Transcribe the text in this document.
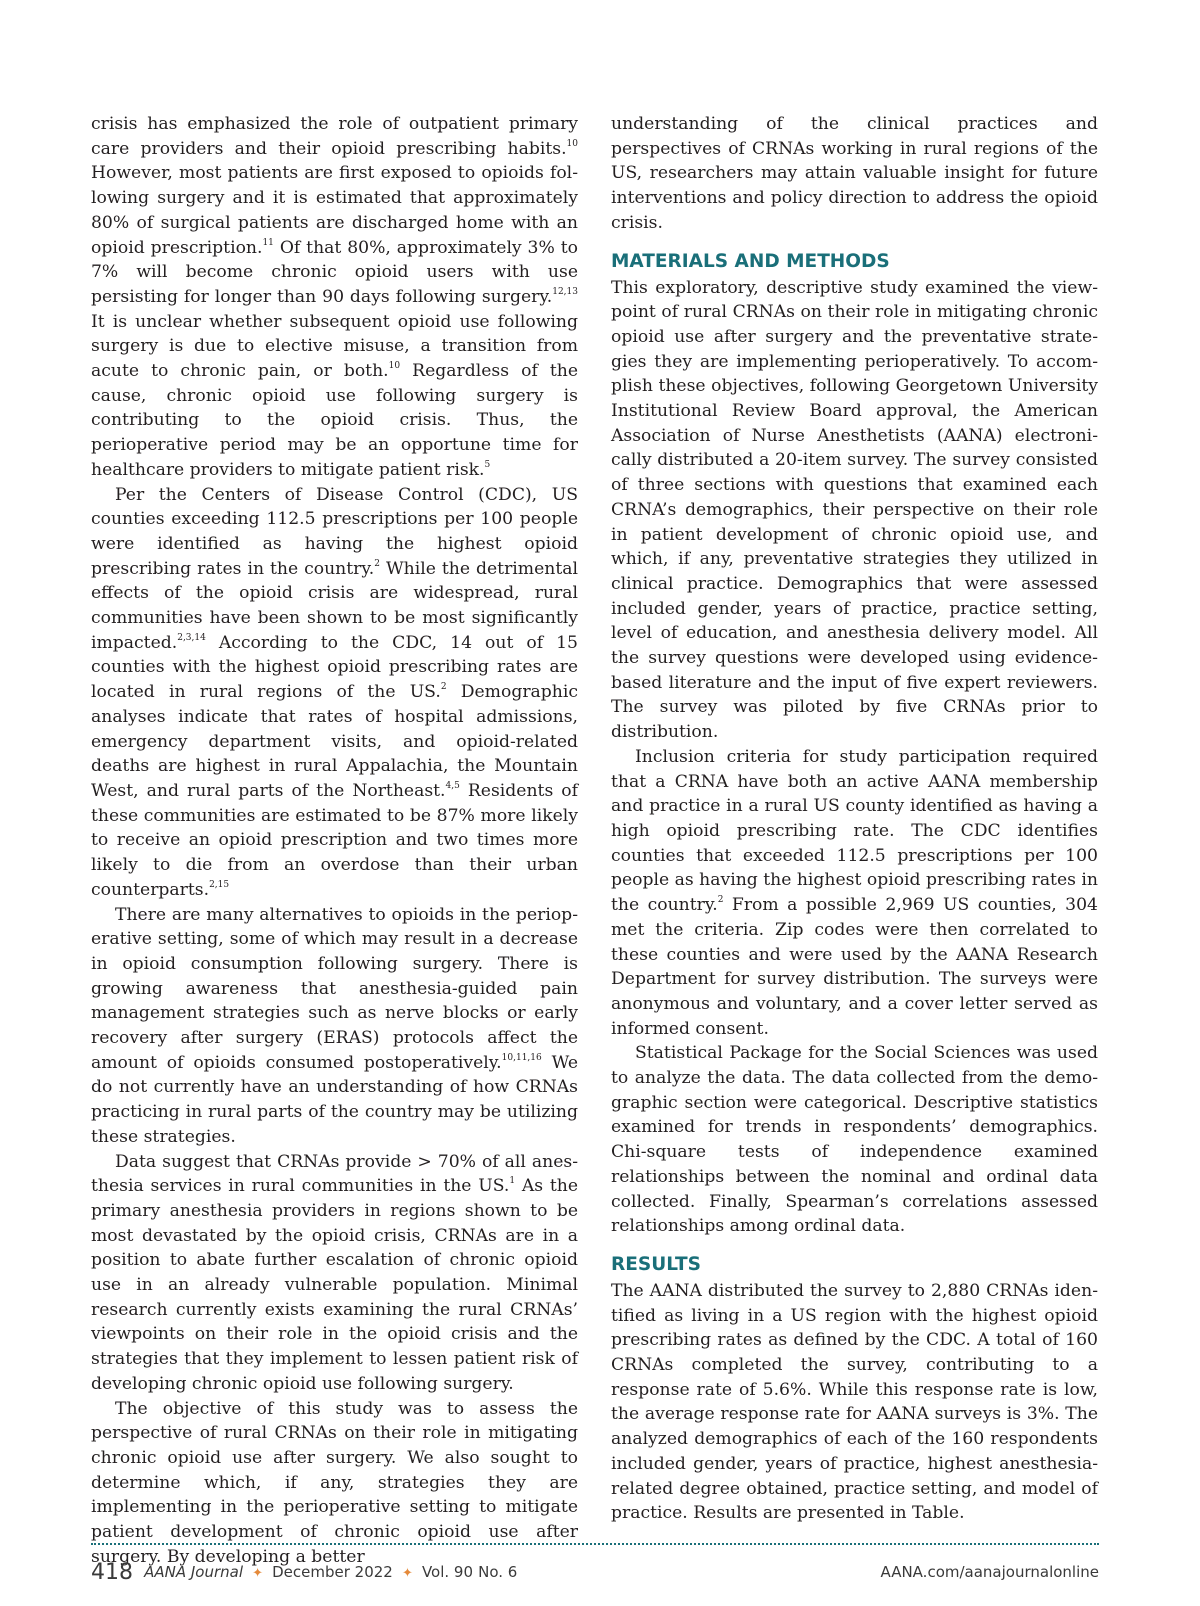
crisis has emphasized the role of outpatient primary care providers and their opioid prescribing habits.$^{10}$ However, most patients are first exposed to opioids following surgery and it is estimated that approximately 80% of surgical patients are discharged home with an opioid prescription.$^{11}$ Of that 80%, approximately 3% to 7% will become chronic opioid users with use persisting for longer than 90 days following surgery.$^{12,13}$ It is unclear whether subsequent opioid use following surgery is due to elective misuse, a transition from acute to chronic pain, or both.$^{10}$ Regardless of the cause, chronic opioid use following surgery is contributing to the opioid crisis. Thus, the perioperative period may be an opportune time for healthcare providers to mitigate patient risk.$^5$

Per the Centers of Disease Control (CDC), US counties exceeding 112.5 prescriptions per 100 people were identified as having the highest opioid prescribing rates in the country.$^2$ While the detrimental effects of the opioid crisis are widespread, rural communities have been shown to be most significantly impacted.$^{2,3,14}$ According to the CDC, 14 out of 15 counties with the highest opioid prescribing rates are located in rural regions of the US.$^2$ Demographic analyses indicate that rates of hospital admissions, emergency department visits, and opioid-related deaths are highest in rural Appalachia, the Mountain West, and rural parts of the Northeast.$^{4,5}$ Residents of these communities are estimated to be 87% more likely to receive an opioid prescription and two times more likely to die from an overdose than their urban counterparts.$^{2,15}$

There are many alternatives to opioids in the perioperative setting, some of which may result in a decrease in opioid consumption following surgery. There is growing awareness that anesthesia-guided pain management strategies such as nerve blocks or early recovery after surgery (ERAS) protocols affect the amount of opioids consumed postoperatively.$^{10,11,16}$ We do not currently have an understanding of how CRNAs practicing in rural parts of the country may be utilizing these strategies.

Data suggest that CRNAs provide > 70% of all anesthesia services in rural communities in the US.$^1$ As the primary anesthesia providers in regions shown to be most devastated by the opioid crisis, CRNAs are in a position to abate further escalation of chronic opioid use in an already vulnerable population. Minimal research currently exists examining the rural CRNAs’ viewpoints on their role in the opioid crisis and the strategies that they implement to lessen patient risk of developing chronic opioid use following surgery.

The objective of this study was to assess the perspective of rural CRNAs on their role in mitigating chronic opioid use after surgery. We also sought to determine which, if any, strategies they are implementing in the perioperative setting to mitigate patient development of chronic opioid use after surgery. By developing a better

understanding of the clinical practices and perspectives of CRNAs working in rural regions of the US, researchers may attain valuable insight for future interventions and policy direction to address the opioid crisis.

MATERIALS AND METHODS

This exploratory, descriptive study examined the viewpoint of rural CRNAs on their role in mitigating chronic opioid use after surgery and the preventative strategies they are implementing perioperatively. To accomplish these objectives, following Georgetown University Institutional Review Board approval, the American Association of Nurse Anesthetists (AANA) electronically distributed a 20-item survey. The survey consisted of three sections with questions that examined each CRNA’s demographics, their perspective on their role in patient development of chronic opioid use, and which, if any, preventative strategies they utilized in clinical practice. Demographics that were assessed included gender, years of practice, practice setting, level of education, and anesthesia delivery model. All the survey questions were developed using evidence-based literature and the input of five expert reviewers. The survey was piloted by five CRNAs prior to distribution.

Inclusion criteria for study participation required that a CRNA have both an active AANA membership and practice in a rural US county identified as having a high opioid prescribing rate. The CDC identifies counties that exceeded 112.5 prescriptions per 100 people as having the highest opioid prescribing rates in the country.$^2$ From a possible 2,969 US counties, 304 met the criteria. Zip codes were then correlated to these counties and were used by the AANA Research Department for survey distribution. The surveys were anonymous and voluntary, and a cover letter served as informed consent.

Statistical Package for the Social Sciences was used to analyze the data. The data collected from the demographic section were categorical. Descriptive statistics examined for trends in respondents’ demographics. Chi-square tests of independence examined relationships between the nominal and ordinal data collected. Finally, Spearman’s correlations assessed relationships among ordinal data.

RESULTS

The AANA distributed the survey to 2,880 CRNAs identified as living in a US region with the highest opioid prescribing rates as defined by the CDC. A total of 160 CRNAs completed the survey, contributing to a response rate of 5.6%. While this response rate is low, the average response rate for AANA surveys is 3%. The analyzed demographics of each of the 160 respondents included gender, years of practice, highest anesthesia-related degree obtained, practice setting, and model of practice. Results are presented in Table.

418 AANA Journal ✦ December 2022 ✦ Vol. 90 No. 6	AANA.com/aanajournalonline
